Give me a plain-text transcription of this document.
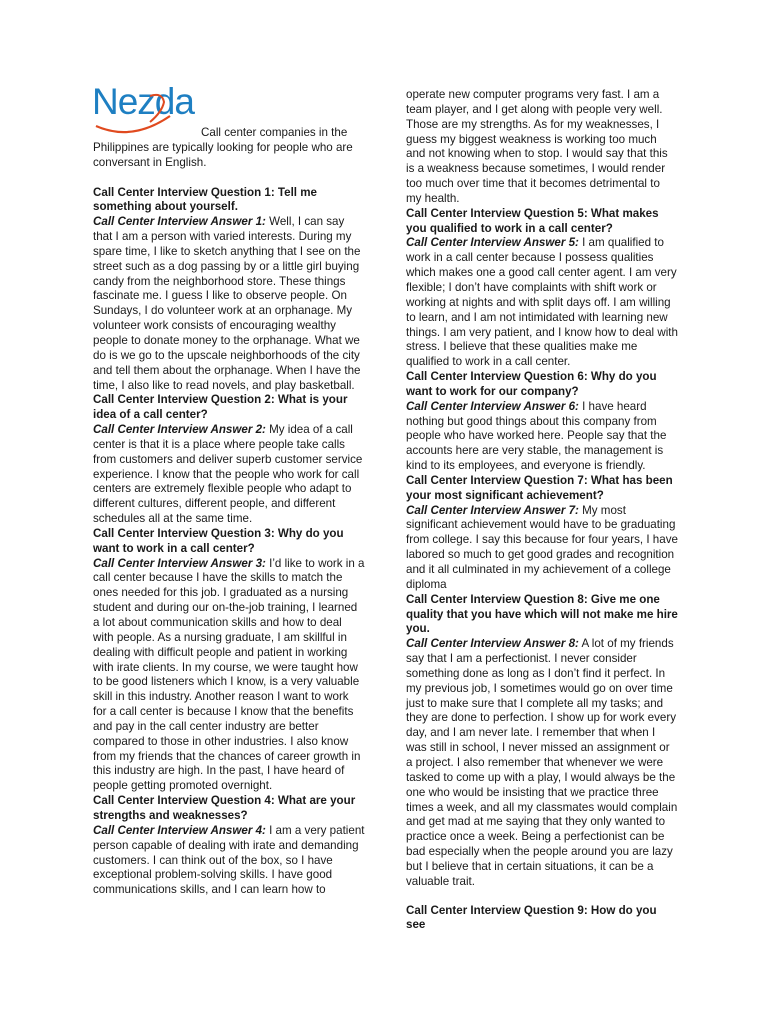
Nezda

Call center companies in the Philippines are typically looking for people who are conversant in English.

Call Center Interview Question 1: Tell me something about yourself.

Call Center Interview Answer 1: Well, I can say that I am a person with varied interests. During my spare time, I like to sketch anything that I see on the street such as a dog passing by or a little girl buying candy from the neighborhood store. These things fascinate me. I guess I like to observe people. On Sundays, I do volunteer work at an orphanage. My volunteer work consists of encouraging wealthy people to donate money to the orphanage. What we do is we go to the upscale neighborhoods of the city and tell them about the orphanage. When I have the time, I also like to read novels, and play basketball.

Call Center Interview Question 2: What is your idea of a call center?

Call Center Interview Answer 2: My idea of a call center is that it is a place where people take calls from customers and deliver superb customer service experience. I know that the people who work for call centers are extremely flexible people who adapt to different cultures, different people, and different schedules all at the same time.

Call Center Interview Question 3: Why do you want to work in a call center?

Call Center Interview Answer 3: I’d like to work in a call center because I have the skills to match the ones needed for this job. I graduated as a nursing student and during our on-the-job training, I learned a lot about communication skills and how to deal with people. As a nursing graduate, I am skillful in dealing with difficult people and patient in working with irate clients. In my course, we were taught how to be good listeners which I know, is a very valuable skill in this industry. Another reason I want to work for a call center is because I know that the benefits and pay in the call center industry are better compared to those in other industries. I also know from my friends that the chances of career growth in this industry are high. In the past, I have heard of people getting promoted overnight.

Call Center Interview Question 4: What are your strengths and weaknesses?

Call Center Interview Answer 4: I am a very patient person capable of dealing with irate and demanding customers. I can think out of the box, so I have exceptional problem-solving skills. I have good communications skills, and I can learn how to

operate new computer programs very fast. I am a team player, and I get along with people very well. Those are my strengths. As for my weaknesses, I guess my biggest weakness is working too much and not knowing when to stop. I would say that this is a weakness because sometimes, I would render too much over time that it becomes detrimental to my health.

Call Center Interview Question 5: What makes you qualified to work in a call center?

Call Center Interview Answer 5: I am qualified to work in a call center because I possess qualities which makes one a good call center agent. I am very flexible; I don’t have complaints with shift work or working at nights and with split days off. I am willing to learn, and I am not intimidated with learning new things. I am very patient, and I know how to deal with stress. I believe that these qualities make me qualified to work in a call center.

Call Center Interview Question 6: Why do you want to work for our company?

Call Center Interview Answer 6: I have heard nothing but good things about this company from people who have worked here. People say that the accounts here are very stable, the management is kind to its employees, and everyone is friendly.

Call Center Interview Question 7: What has been your most significant achievement?

Call Center Interview Answer 7: My most significant achievement would have to be graduating from college. I say this because for four years, I have labored so much to get good grades and recognition and it all culminated in my achievement of a college diploma

Call Center Interview Question 8: Give me one quality that you have which will not make me hire you.

Call Center Interview Answer 8: A lot of my friends say that I am a perfectionist. I never consider something done as long as I don’t find it perfect. In my previous job, I sometimes would go on over time just to make sure that I complete all my tasks; and they are done to perfection. I show up for work every day, and I am never late. I remember that when I was still in school, I never missed an assignment or a project. I also remember that whenever we were tasked to come up with a play, I would always be the one who would be insisting that we practice three times a week, and all my classmates would complain and get mad at me saying that they only wanted to practice once a week. Being a perfectionist can be bad especially when the people around you are lazy but I believe that in certain situations, it can be a valuable trait.

Call Center Interview Question 9: How do you see
